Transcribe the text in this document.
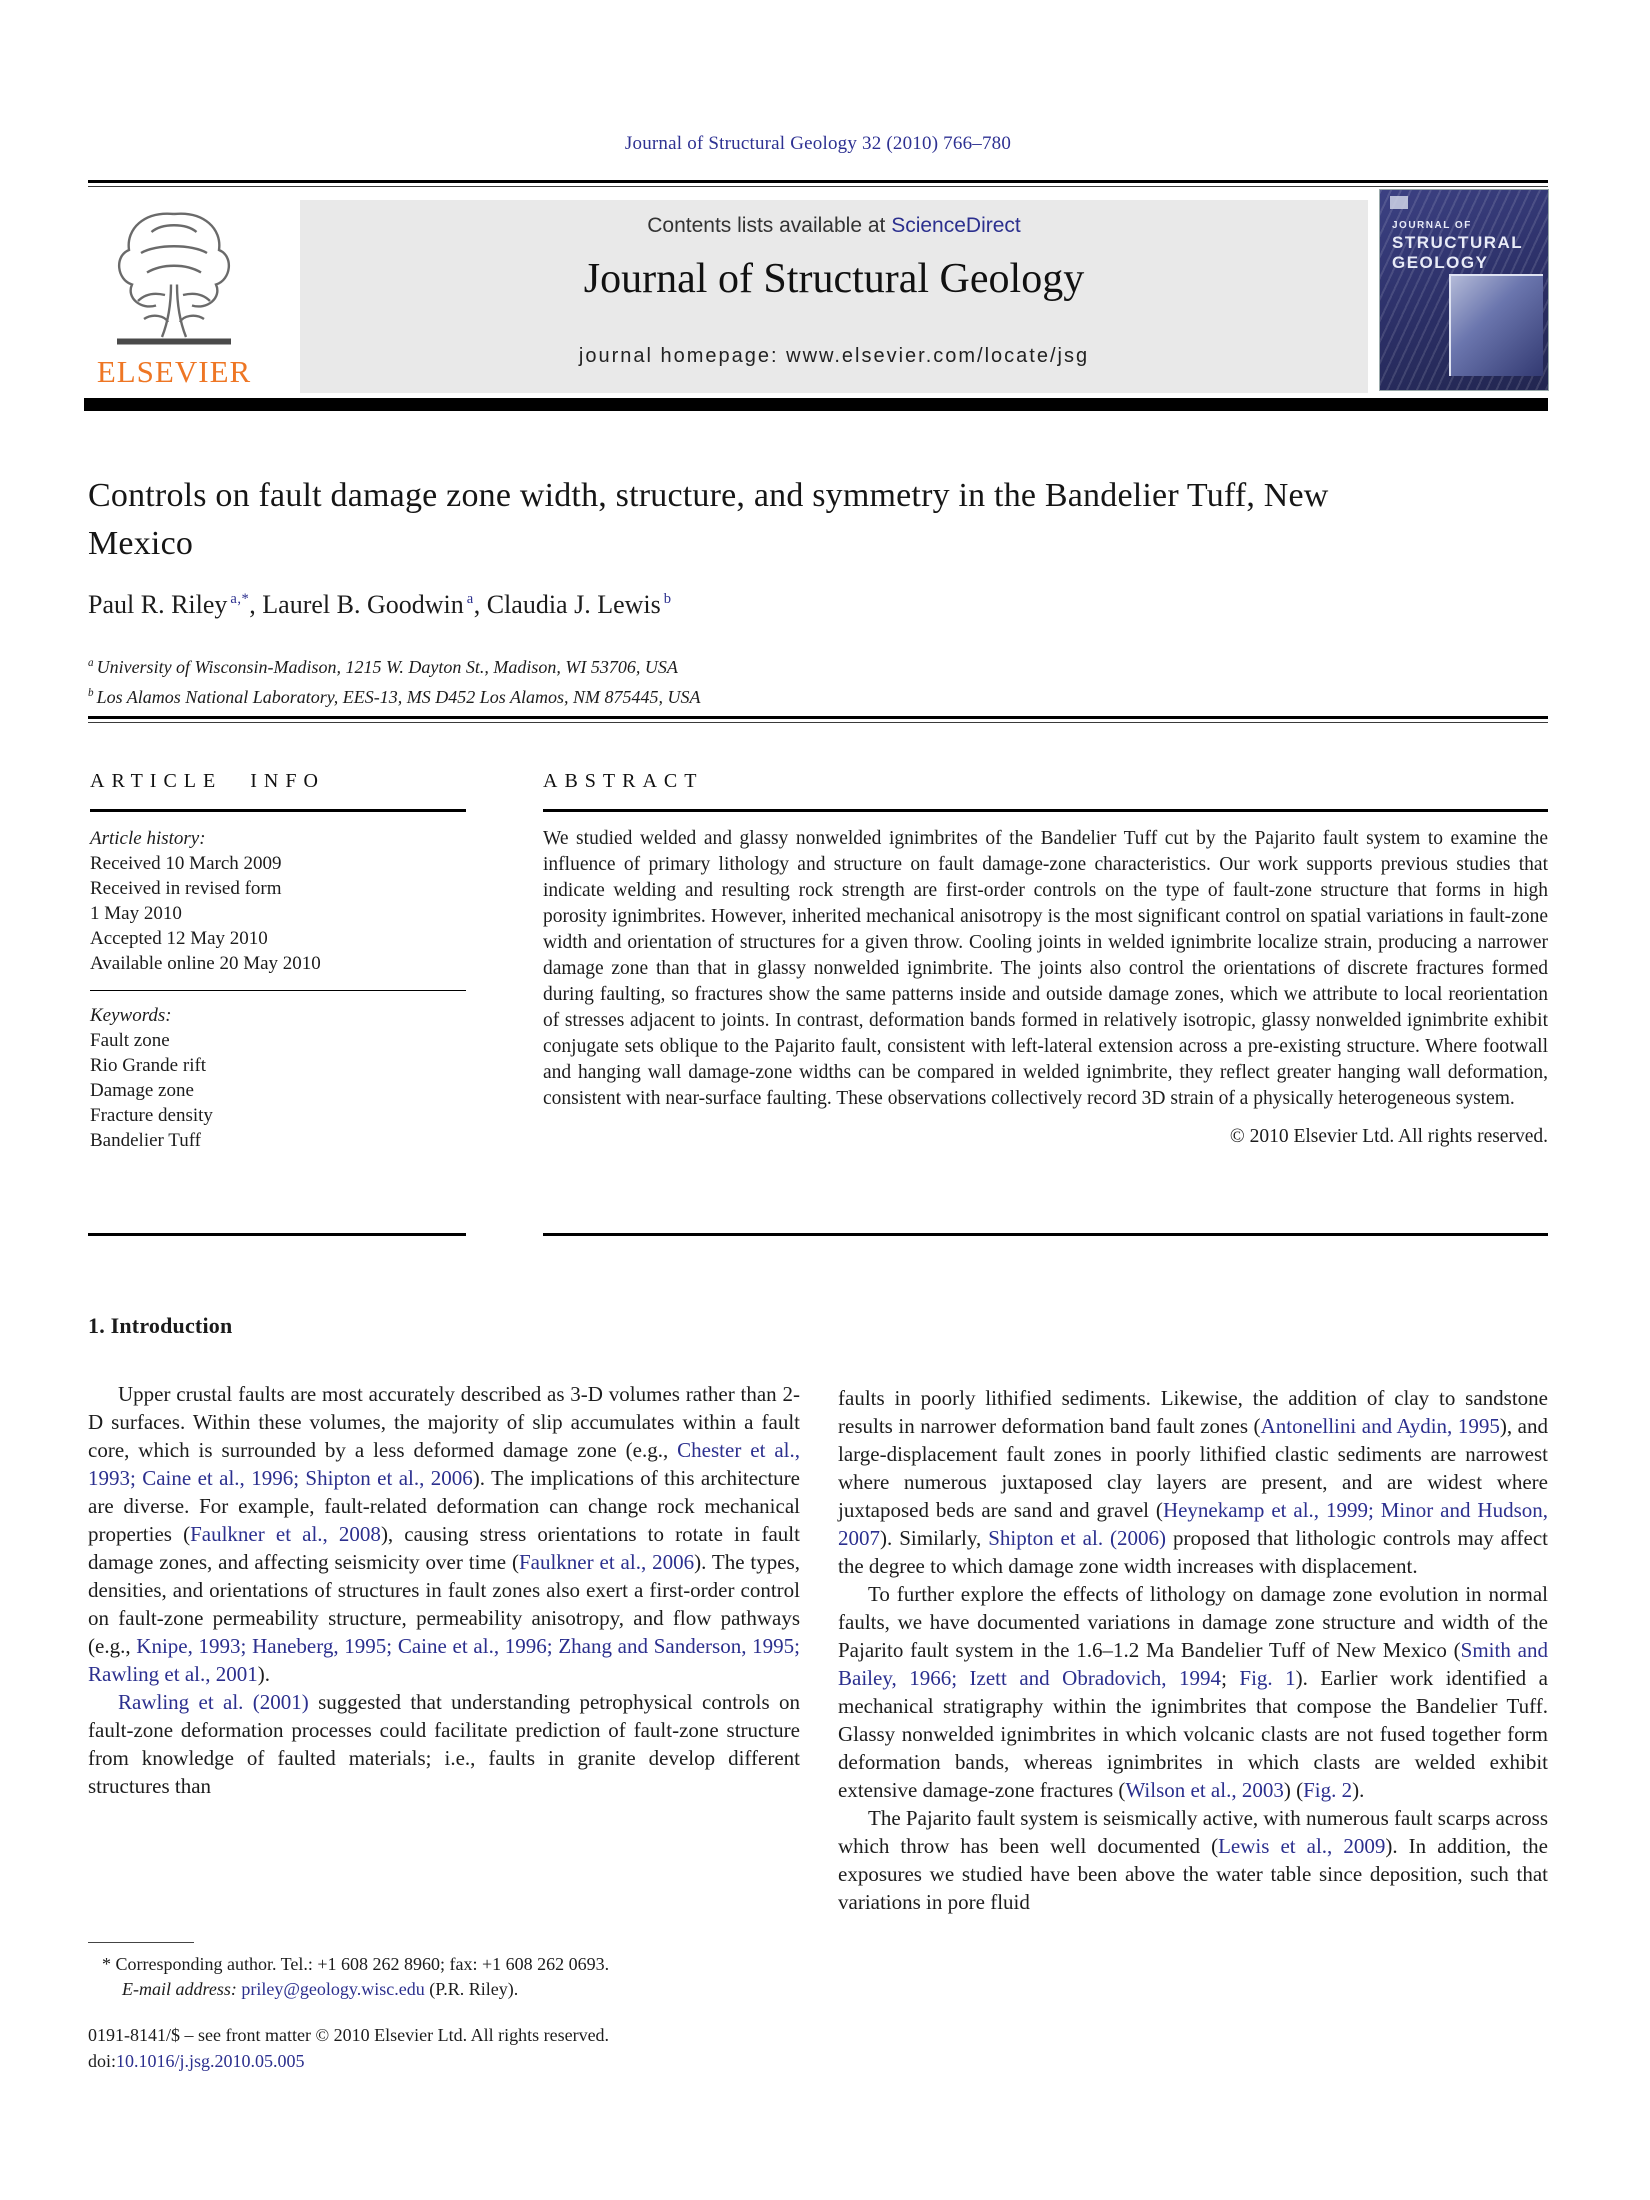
Journal of Structural Geology 32 (2010) 766–780
ELSEVIER
Contents lists available at ScienceDirect
Journal of Structural Geology
journal homepage: www.elsevier.com/locate/jsg
JOURNAL OF
STRUCTURAL
GEOLOGY
Controls on fault damage zone width, structure, and symmetry in the Bandelier Tuff, New Mexico
Paul R. Riley $^{a,*}$, Laurel B. Goodwin $^a$, Claudia J. Lewis $^b$
$^a$ University of Wisconsin-Madison, 1215 W. Dayton St., Madison, WI 53706, USA
$^b$ Los Alamos National Laboratory, EES-13, MS D452 Los Alamos, NM 875445, USA
ARTICLE INFO
Article history:
Received 10 March 2009
Received in revised form
1 May 2010
Accepted 12 May 2010
Available online 20 May 2010
Keywords:
Fault zone
Rio Grande rift
Damage zone
Fracture density
Bandelier Tuff
ABSTRACT

We studied welded and glassy nonwelded ignimbrites of the Bandelier Tuff cut by the Pajarito fault system to examine the influence of primary lithology and structure on fault damage-zone characteristics. Our work supports previous studies that indicate welding and resulting rock strength are first-order controls on the type of fault-zone structure that forms in high porosity ignimbrites. However, inherited mechanical anisotropy is the most significant control on spatial variations in fault-zone width and orientation of structures for a given throw. Cooling joints in welded ignimbrite localize strain, producing a narrower damage zone than that in glassy nonwelded ignimbrite. The joints also control the orientations of discrete fractures formed during faulting, so fractures show the same patterns inside and outside damage zones, which we attribute to local reorientation of stresses adjacent to joints. In contrast, deformation bands formed in relatively isotropic, glassy nonwelded ignimbrite exhibit conjugate sets oblique to the Pajarito fault, consistent with left-lateral extension across a pre-existing structure. Where footwall and hanging wall damage-zone widths can be compared in welded ignimbrite, they reflect greater hanging wall deformation, consistent with near-surface faulting. These observations collectively record 3D strain of a physically heterogeneous system.

© 2010 Elsevier Ltd. All rights reserved.
1. Introduction

Upper crustal faults are most accurately described as 3-D volumes rather than 2-D surfaces. Within these volumes, the majority of slip accumulates within a fault core, which is surrounded by a less deformed damage zone (e.g., Chester et al., 1993; Caine et al., 1996; Shipton et al., 2006). The implications of this architecture are diverse. For example, fault-related deformation can change rock mechanical properties (Faulkner et al., 2008), causing stress orientations to rotate in fault damage zones, and affecting seismicity over time (Faulkner et al., 2006). The types, densities, and orientations of structures in fault zones also exert a first-order control on fault-zone permeability structure, permeability anisotropy, and flow pathways (e.g., Knipe, 1993; Haneberg, 1995; Caine et al., 1996; Zhang and Sanderson, 1995; Rawling et al., 2001).

Rawling et al. (2001) suggested that understanding petrophysical controls on fault-zone deformation processes could facilitate prediction of fault-zone structure from knowledge of faulted materials; i.e., faults in granite develop different structures than

faults in poorly lithified sediments. Likewise, the addition of clay to sandstone results in narrower deformation band fault zones (Antonellini and Aydin, 1995), and large-displacement fault zones in poorly lithified clastic sediments are narrowest where numerous juxtaposed clay layers are present, and are widest where juxtaposed beds are sand and gravel (Heynekamp et al., 1999; Minor and Hudson, 2007). Similarly, Shipton et al. (2006) proposed that lithologic controls may affect the degree to which damage zone width increases with displacement.

To further explore the effects of lithology on damage zone evolution in normal faults, we have documented variations in damage zone structure and width of the Pajarito fault system in the 1.6–1.2 Ma Bandelier Tuff of New Mexico (Smith and Bailey, 1966; Izett and Obradovich, 1994; Fig. 1). Earlier work identified a mechanical stratigraphy within the ignimbrites that compose the Bandelier Tuff. Glassy nonwelded ignimbrites in which volcanic clasts are not fused together form deformation bands, whereas ignimbrites in which clasts are welded exhibit extensive damage-zone fractures (Wilson et al., 2003) (Fig. 2).

The Pajarito fault system is seismically active, with numerous fault scarps across which throw has been well documented (Lewis et al., 2009). In addition, the exposures we studied have been above the water table since deposition, such that variations in pore fluid

* Corresponding author. Tel.: +1 608 262 8960; fax: +1 608 262 0693.
E-mail address: priley@geology.wisc.edu (P.R. Riley).
0191-8141/$ – see front matter © 2010 Elsevier Ltd. All rights reserved.
doi:10.1016/j.jsg.2010.05.005
